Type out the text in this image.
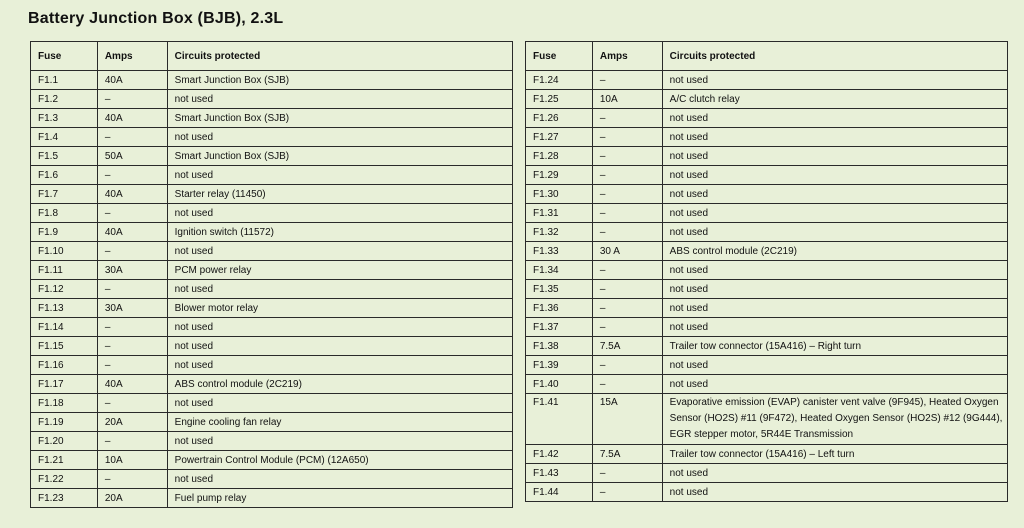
Battery Junction Box (BJB), 2.3L
Fuse	Amps	Circuits protected
F1.1	40A	Smart Junction Box (SJB)
F1.2	–	not used
F1.3	40A	Smart Junction Box (SJB)
F1.4	–	not used
F1.5	50A	Smart Junction Box (SJB)
F1.6	–	not used
F1.7	40A	Starter relay (11450)
F1.8	–	not used
F1.9	40A	Ignition switch (11572)
F1.10	–	not used
F1.11	30A	PCM power relay
F1.12	–	not used
F1.13	30A	Blower motor relay
F1.14	–	not used
F1.15	–	not used
F1.16	–	not used
F1.17	40A	ABS control module (2C219)
F1.18	–	not used
F1.19	20A	Engine cooling fan relay
F1.20	–	not used
F1.21	10A	Powertrain Control Module (PCM) (12A650)
F1.22	–	not used
F1.23	20A	Fuel pump relay
Fuse	Amps	Circuits protected
F1.24	–	not used
F1.25	10A	A/C clutch relay
F1.26	–	not used
F1.27	–	not used
F1.28	–	not used
F1.29	–	not used
F1.30	–	not used
F1.31	–	not used
F1.32	–	not used
F1.33	30 A	ABS control module (2C219)
F1.34	–	not used
F1.35	–	not used
F1.36	–	not used
F1.37	–	not used
F1.38	7.5A	Trailer tow connector (15A416) – Right turn
F1.39	–	not used
F1.40	–	not used
F1.41	15A	Evaporative emission (EVAP) canister vent valve (9F945), Heated Oxygen Sensor (HO2S) #11 (9F472), Heated Oxygen Sensor (HO2S) #12 (9G444), EGR stepper motor, 5R44E Transmission
F1.42	7.5A	Trailer tow connector (15A416) – Left turn
F1.43	–	not used
F1.44	–	not used
